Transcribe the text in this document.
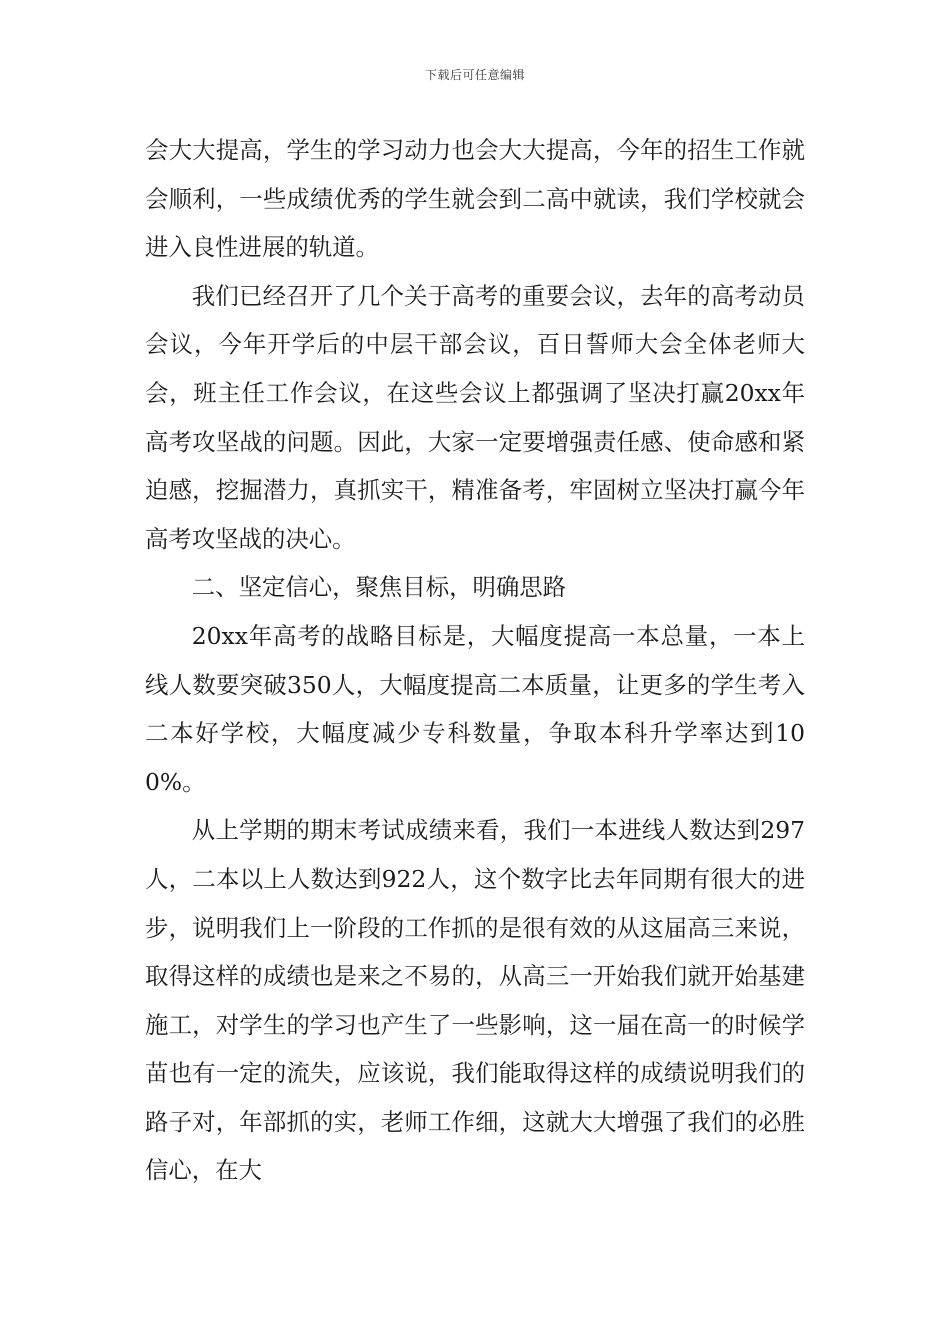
下载后可任意编辑

会大大提高，学生的学习动力也会大大提高，今年的招生工作就会顺利，一些成绩优秀的学生就会到二高中就读，我们学校就会进入良性进展的轨道。

我们已经召开了几个关于高考的重要会议，去年的高考动员会议，今年开学后的中层干部会议，百日誓师大会全体老师大会，班主任工作会议，在这些会议上都强调了坚决打赢20xx年高考攻坚战的问题。因此，大家一定要增强责任感、使命感和紧迫感，挖掘潜力，真抓实干，精准备考，牢固树立坚决打赢今年高考攻坚战的决心。

二、坚定信心，聚焦目标，明确思路

20xx年高考的战略目标是，大幅度提高一本总量，一本上线人数要突破350人，大幅度提高二本质量，让更多的学生考入二本好学校，大幅度减少专科数量，争取本科升学率达到100%。

从上学期的期末考试成绩来看，我们一本进线人数达到297人，二本以上人数达到922人，这个数字比去年同期有很大的进步，说明我们上一阶段的工作抓的是很有效的从这届高三来说，取得这样的成绩也是来之不易的，从高三一开始我们就开始基建施工，对学生的学习也产生了一些影响，这一届在高一的时候学苗也有一定的流失，应该说，我们能取得这样的成绩说明我们的路子对，年部抓的实，老师工作细，这就大大增强了我们的必胜信心，在大
